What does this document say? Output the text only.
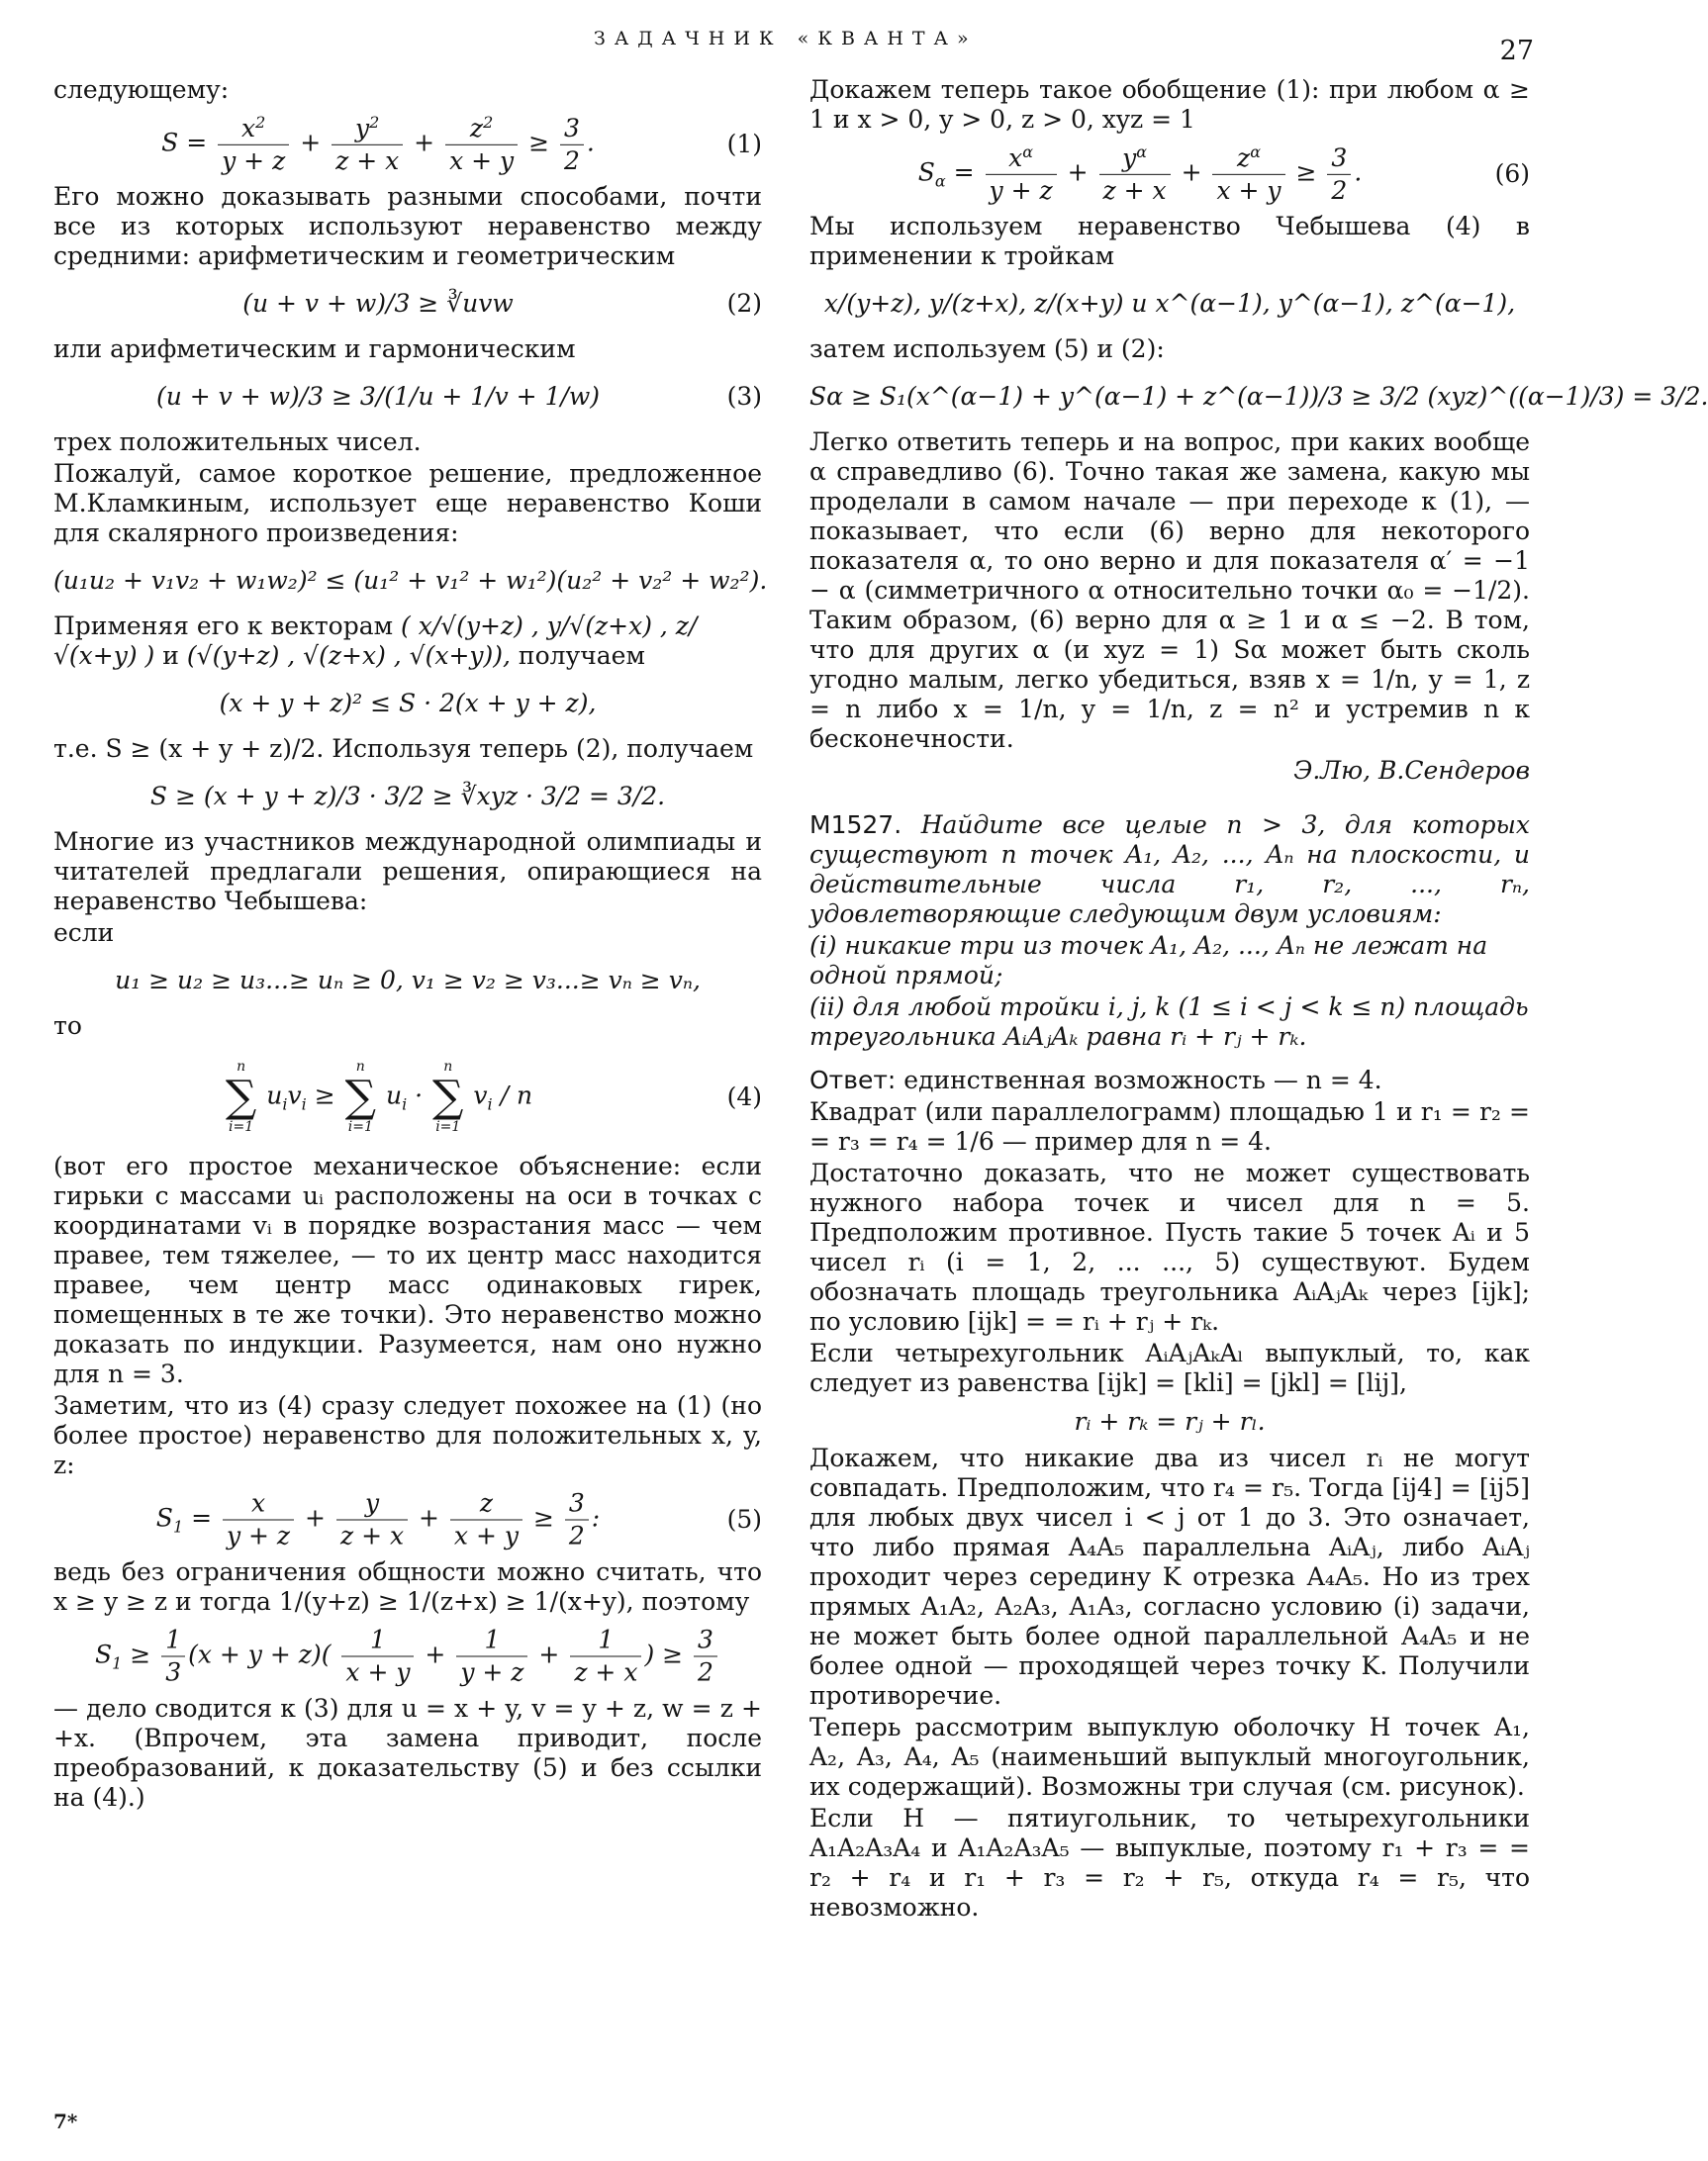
ЗАДАЧНИК «КВАНТА»	27

следующему:

$S = \frac{x^2}{y + z} + \frac{y^2}{z + x} + \frac{z^2}{x + y} \ge \frac{3}{2}$ .	(1)

Его можно доказывать разными способами, почти все из которых используют неравенство между средними: арифметическим и геометрическим

(u + v + w)/3 ≥ ∛uvw	(2)

или арифметическим и гармоническим

(u + v + w)/3 ≥ 3/(1/u + 1/v + 1/w)	(3)

трех положительных чисел.

Пожалуй, самое короткое решение, предложенное М.Кламкиным, использует еще неравенство Коши для скалярного произведения:

(u₁u₂ + v₁v₂ + w₁w₂)² ≤ (u₁² + v₁² + w₁²)(u₂² + v₂² + w₂²).

Применяя его к векторам ( x/√(y+z) , y/√(z+x) , z/√(x+y) ) и (√(y+z) , √(z+x) , √(x+y)), получаем

(x + y + z)² ≤ S · 2(x + y + z),

т.е. S ≥ (x + y + z)/2. Используя теперь (2), получаем

S ≥ (x + y + z)/3 · 3/2 ≥ ∛xyz · 3/2 = 3/2.

Многие из участников международной олимпиады и читателей предлагали решения, опирающиеся на неравенство Чебышева:

если

u₁ ≥ u₂ ≥ u₃...≥ uₙ ≥ 0, v₁ ≥ v₂ ≥ v₃...≥ vₙ ≥ vₙ,

то

n
∑
i=1
$u_iv_i$ ≥
n
∑
i=1
$u_i$ ·
n
∑
i=1
$v_i$ / n	(4)

(вот его простое механическое объяснение: если гирьки с массами uᵢ расположены на оси в точках с координатами vᵢ в порядке возрастания масс — чем правее, тем тяжелее, — то их центр масс находится правее, чем центр масс одинаковых гирек, помещенных в те же точки). Это неравенство можно доказать по индукции. Разумеется, нам оно нужно для n = 3.

Заметим, что из (4) сразу следует похожее на (1) (но более простое) неравенство для положительных x, y, z:

$S_1 = \frac{x}{y + z} + \frac{y}{z + x} + \frac{z}{x + y} \ge \frac{3}{2}$ :	(5)

ведь без ограничения общности можно считать, что x ≥ y ≥ z и тогда 1/(y+z) ≥ 1/(z+x) ≥ 1/(x+y), поэтому

$S_1 \ge \frac{1}{3} (x + y + z)( \frac{1}{x + y} + \frac{1}{y + z} + \frac{1}{z + x}$ ) ≥ $\frac{3}{2}$

— дело сводится к (3) для u = x + y, v = y + z, w = z + +x. (Впрочем, эта замена приводит, после преобразований, к доказательству (5) и без ссылки на (4).)

Докажем теперь такое обобщение (1): при любом α ≥ 1 и x > 0, y > 0, z > 0, xyz = 1

$S_\alpha = \frac{x^\alpha}{y + z} + \frac{y^\alpha}{z + x} + \frac{z^\alpha}{x + y} \ge \frac{3}{2}$ .	(6)

Мы используем неравенство Чебышева (4) в применении к тройкам

x/(y+z), y/(z+x), z/(x+y) и x^(α−1), y^(α−1), z^(α−1),

затем используем (5) и (2):

Sα ≥ S₁(x^(α−1) + y^(α−1) + z^(α−1))/3 ≥ 3/2 (xyz)^((α−1)/3) = 3/2.

Легко ответить теперь и на вопрос, при каких вообще α справедливо (6). Точно такая же замена, какую мы проделали в самом начале — при переходе к (1), — показывает, что если (6) верно для некоторого показателя α, то оно верно и для показателя α′ = −1 − α (симметричного α относительно точки α₀ = −1/2). Таким образом, (6) верно для α ≥ 1 и α ≤ −2. В том, что для других α (и xyz = 1) Sα может быть сколь угодно малым, легко убедиться, взяв x = 1/n, y = 1, z = n либо x = 1/n, y = 1/n, z = n² и устремив n к бесконечности.

Э.Лю, В.Сендеров

М1527. Найдите все целые n > 3, для которых существуют n точек A₁, A₂, ..., Aₙ на плоскости, и действительные числа r₁, r₂, ..., rₙ, удовлетворяющие следующим двум условиям:

(i) никакие три из точек A₁, A₂, ..., Aₙ не лежат на одной прямой;

(ii) для любой тройки i, j, k (1 ≤ i < j < k ≤ n) площадь треугольника AᵢAⱼAₖ равна rᵢ + rⱼ + rₖ.

Ответ: единственная возможность — n = 4.

Квадрат (или параллелограмм) площадью 1 и r₁ = r₂ = = r₃ = r₄ = 1/6 — пример для n = 4.

Достаточно доказать, что не может существовать нужного набора точек и чисел для n = 5. Предположим противное. Пусть такие 5 точек Aᵢ и 5 чисел rᵢ (i = 1, 2, ... ..., 5) существуют. Будем обозначать площадь треугольника AᵢAⱼAₖ через [ijk]; по условию [ijk] = = rᵢ + rⱼ + rₖ.

Если четырехугольник AᵢAⱼAₖAₗ выпуклый, то, как следует из равенства [ijk] = [kli] = [jkl] = [lij],

rᵢ + rₖ = rⱼ + rₗ.

Докажем, что никакие два из чисел rᵢ не могут совпадать. Предположим, что r₄ = r₅. Тогда [ij4] = [ij5] для любых двух чисел i < j от 1 до 3. Это означает, что либо прямая A₄A₅ параллельна AᵢAⱼ, либо AᵢAⱼ проходит через середину K отрезка A₄A₅. Но из трех прямых A₁A₂, A₂A₃, A₁A₃, согласно условию (i) задачи, не может быть более одной параллельной A₄A₅ и не более одной — проходящей через точку K. Получили противоречие.

Теперь рассмотрим выпуклую оболочку H точек A₁, A₂, A₃, A₄, A₅ (наименьший выпуклый многоугольник, их содержащий). Возможны три случая (см. рисунок).

Если H — пятиугольник, то четырехугольники A₁A₂A₃A₄ и A₁A₂A₃A₅ — выпуклые, поэтому r₁ + r₃ = = r₂ + r₄ и r₁ + r₃ = r₂ + r₅, откуда r₄ = r₅, что невозможно.

7*
